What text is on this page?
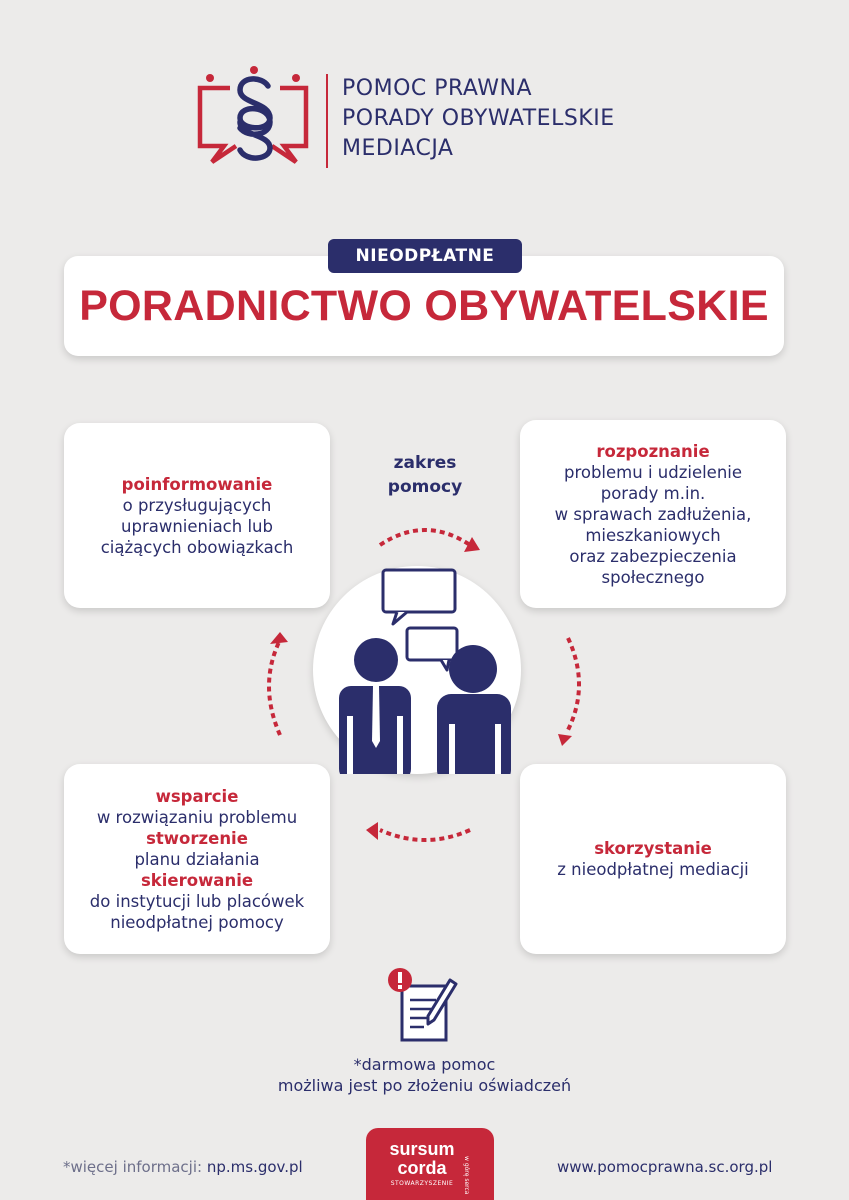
POMOC PRAWNA
PORADY OBYWATELSKIE
MEDIACJA
NIEODPŁATNE
PORADNICTWO OBYWATELSKIE
poinformowanie
o przysługujących
uprawnieniach lub
ciążących obowiązkach
rozpoznanie
problemu i udzielenie
porady m.in.
w sprawach zadłużenia,
mieszkaniowych
oraz zabezpieczenia
społecznego
wsparcie
w rozwiązaniu problemu
stworzenie
planu działania
skierowanie
do instytucji lub placówek
nieodpłatnej pomocy
skorzystanie
z nieodpłatnej mediacji
zakres
pomocy
*darmowa pomoc
możliwa jest po złożeniu oświadczeń
*więcej informacji: np.ms.gov.pl
sursum
corda
STOWARZYSZENIE	w górę serca	www.pomocprawna.sc.org.pl
